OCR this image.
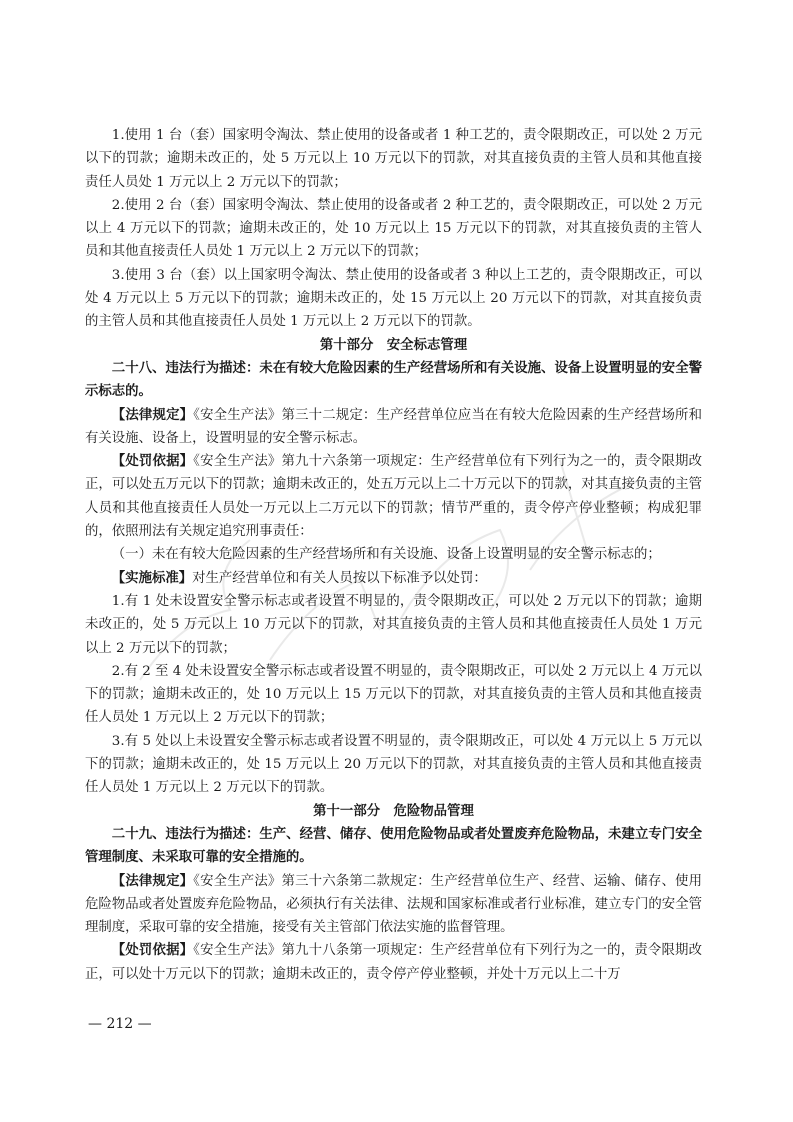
1.使用 1 台（套）国家明令淘汰、禁止使用的设备或者 1 种工艺的，责令限期改正，可以处 2 万元以下的罚款；逾期未改正的，处 5 万元以上 10 万元以下的罚款，对其直接负责的主管人员和其他直接责任人员处 1 万元以上 2 万元以下的罚款；

2.使用 2 台（套）国家明令淘汰、禁止使用的设备或者 2 种工艺的，责令限期改正，可以处 2 万元以上 4 万元以下的罚款；逾期未改正的，处 10 万元以上 15 万元以下的罚款，对其直接负责的主管人员和其他直接责任人员处 1 万元以上 2 万元以下的罚款；

3.使用 3 台（套）以上国家明令淘汰、禁止使用的设备或者 3 种以上工艺的，责令限期改正，可以处 4 万元以上 5 万元以下的罚款；逾期未改正的，处 15 万元以上 20 万元以下的罚款，对其直接负责的主管人员和其他直接责任人员处 1 万元以上 2 万元以下的罚款。

第十部分　安全标志管理

二十八、违法行为描述：未在有较大危险因素的生产经营场所和有关设施、设备上设置明显的安全警示标志的。

【法律规定】《安全生产法》第三十二规定：生产经营单位应当在有较大危险因素的生产经营场所和有关设施、设备上，设置明显的安全警示标志。

【处罚依据】《安全生产法》第九十六条第一项规定：生产经营单位有下列行为之一的，责令限期改正，可以处五万元以下的罚款；逾期未改正的，处五万元以上二十万元以下的罚款，对其直接负责的主管人员和其他直接责任人员处一万元以上二万元以下的罚款；情节严重的，责令停产停业整顿；构成犯罪的，依照刑法有关规定追究刑事责任：

（一）未在有较大危险因素的生产经营场所和有关设施、设备上设置明显的安全警示标志的；

【实施标准】对生产经营单位和有关人员按以下标准予以处罚：

1.有 1 处未设置安全警示标志或者设置不明显的，责令限期改正，可以处 2 万元以下的罚款；逾期未改正的，处 5 万元以上 10 万元以下的罚款，对其直接负责的主管人员和其他直接责任人员处 1 万元以上 2 万元以下的罚款；

2.有 2 至 4 处未设置安全警示标志或者设置不明显的，责令限期改正，可以处 2 万元以上 4 万元以下的罚款；逾期未改正的，处 10 万元以上 15 万元以下的罚款，对其直接负责的主管人员和其他直接责任人员处 1 万元以上 2 万元以下的罚款；

3.有 5 处以上未设置安全警示标志或者设置不明显的，责令限期改正，可以处 4 万元以上 5 万元以下的罚款；逾期未改正的，处 15 万元以上 20 万元以下的罚款，对其直接负责的主管人员和其他直接责任人员处 1 万元以上 2 万元以下的罚款。

第十一部分　危险物品管理

二十九、违法行为描述：生产、经营、储存、使用危险物品或者处置废弃危险物品，未建立专门安全管理制度、未采取可靠的安全措施的。

【法律规定】《安全生产法》第三十六条第二款规定：生产经营单位生产、经营、运输、储存、使用危险物品或者处置废弃危险物品，必须执行有关法律、法规和国家标准或者行业标准，建立专门的安全管理制度，采取可靠的安全措施，接受有关主管部门依法实施的监督管理。

【处罚依据】《安全生产法》第九十八条第一项规定：生产经营单位有下列行为之一的，责令限期改正，可以处十万元以下的罚款；逾期未改正的，责令停产停业整顿，并处十万元以上二十万

— 212 —
